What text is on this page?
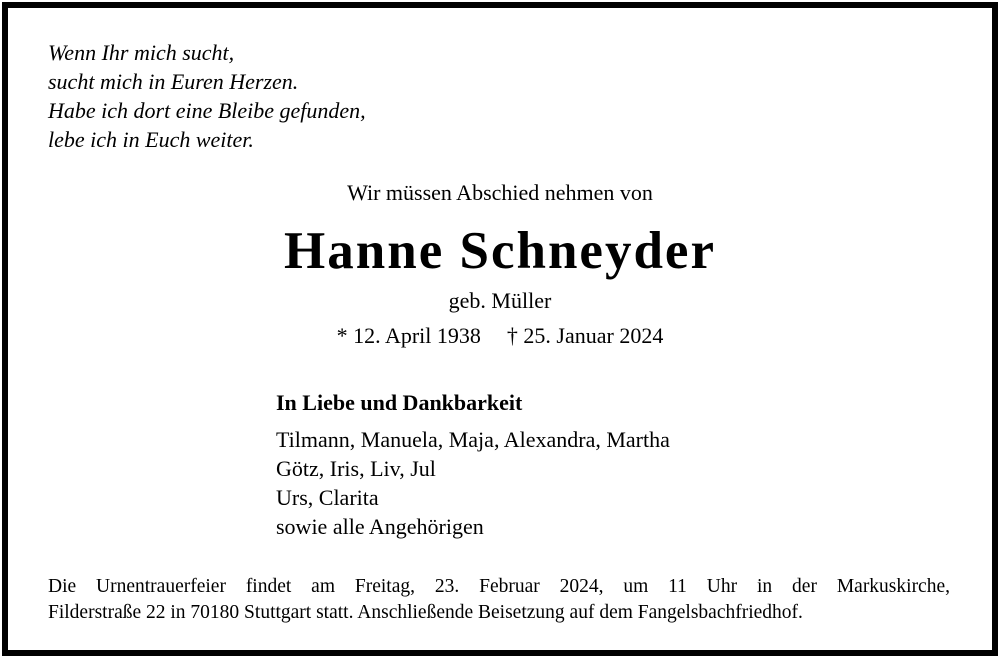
Wenn Ihr mich sucht,
sucht mich in Euren Herzen.
Habe ich dort eine Bleibe gefunden,
lebe ich in Euch weiter.
Wir müssen Abschied nehmen von
Hanne Schneyder
geb. Müller
* 12. April 1938 † 25. Januar 2024
In Liebe und Dankbarkeit
Tilmann, Manuela, Maja, Alexandra, Martha
Götz, Iris, Liv, Jul
Urs, Clarita
sowie alle Angehörigen
Die Urnentrauerfeier findet am Freitag, 23. Februar 2024, um 11 Uhr in der Markuskirche,
Filderstraße 22 in 70180 Stuttgart statt. Anschließende Beisetzung auf dem Fangelsbachfriedhof.
